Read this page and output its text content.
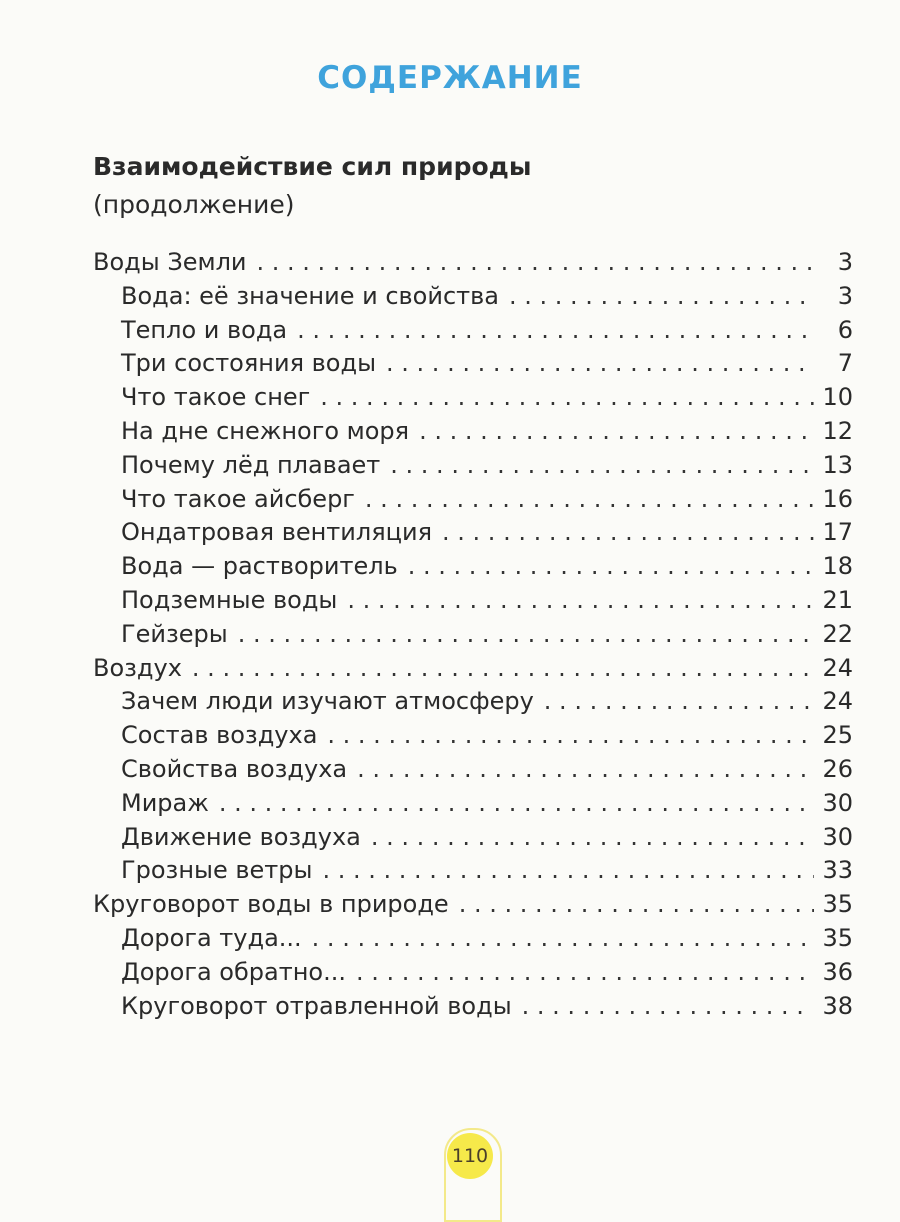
СОДЕРЖАНИЕ
Взаимодействие сил природы
(продолжение)
Воды Земли . . .	3
Вода: её значение и свойства . . .	3
Тепло и вода . . .	6
Три состояния воды . . .	7
Что такое снег . . .	10
На дне снежного моря . . .	12
Почему лёд плавает . . .	13
Что такое айсберг . . .	16
Ондатровая вентиляция . . .	17
Вода — растворитель . . .	18
Подземные воды . . .	21
Гейзеры . . .	22
Воздух . . .	24
Зачем люди изучают атмосферу . . .	24
Состав воздуха . . .	25
Свойства воздуха . . .	26
Мираж . . .	30
Движение воздуха . . .	30
Грозные ветры . . .	33
Круговорот воды в природе . . .	35
Дорога туда... . . .	35
Дорога обратно... . . .	36
Круговорот отравленной воды . . .	38
110
